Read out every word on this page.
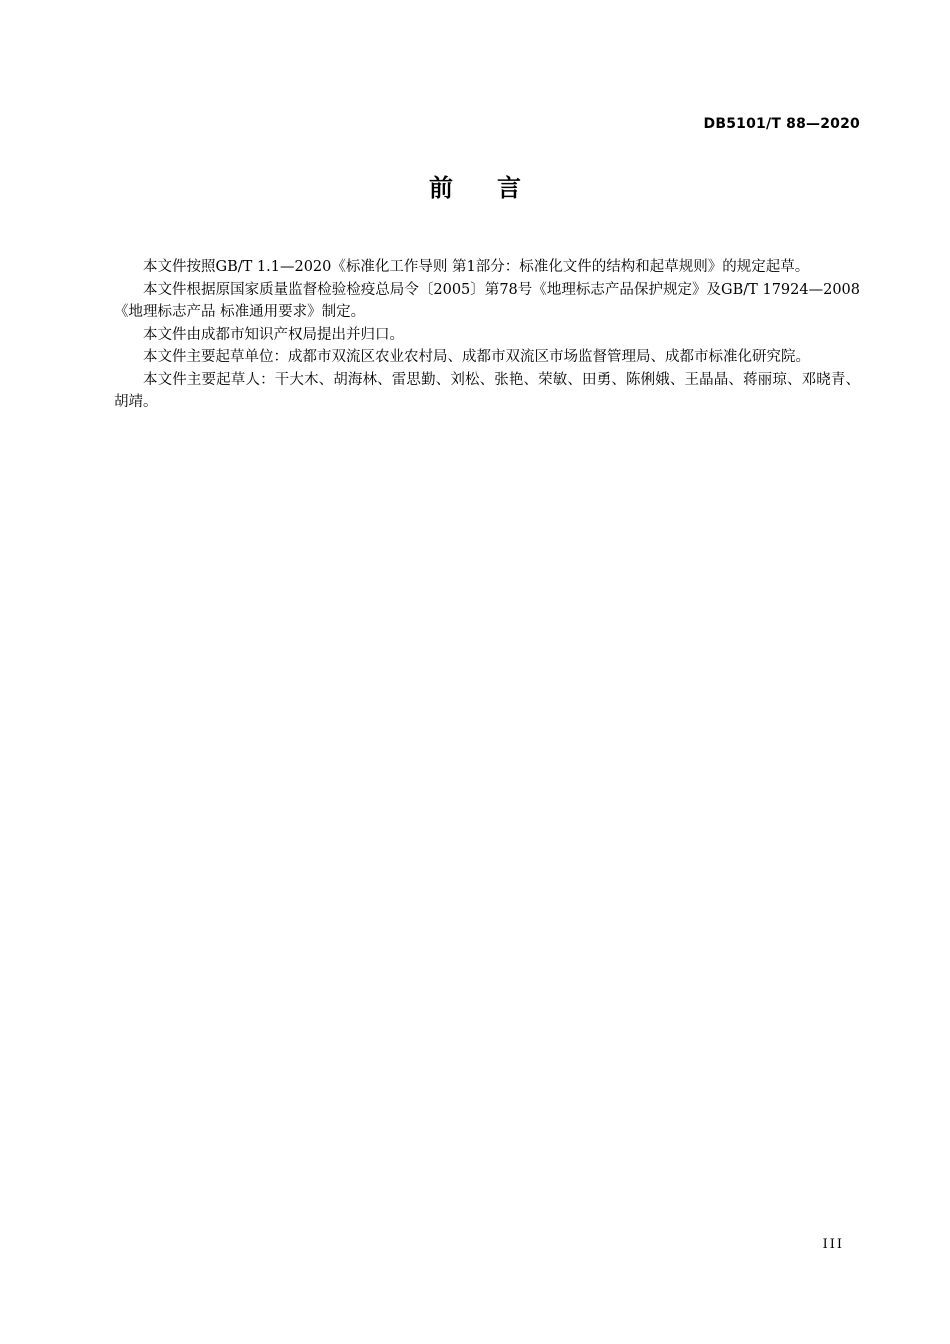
DB5101/T 88—2020
前言

本文件按照GB/T 1.1—2020《标准化工作导则 第1部分：标准化文件的结构和起草规则》的规定起草。

本文件根据原国家质量监督检验检疫总局令〔2005〕第78号《地理标志产品保护规定》及GB/T 17924—2008《地理标志产品 标准通用要求》制定。

本文件由成都市知识产权局提出并归口。

本文件主要起草单位：成都市双流区农业农村局、成都市双流区市场监督管理局、成都市标准化研究院。

本文件主要起草人：干大木、胡海林、雷思勤、刘松、张艳、荣敏、田勇、陈俐娥、王晶晶、蒋丽琼、邓晓青、胡靖。

III
